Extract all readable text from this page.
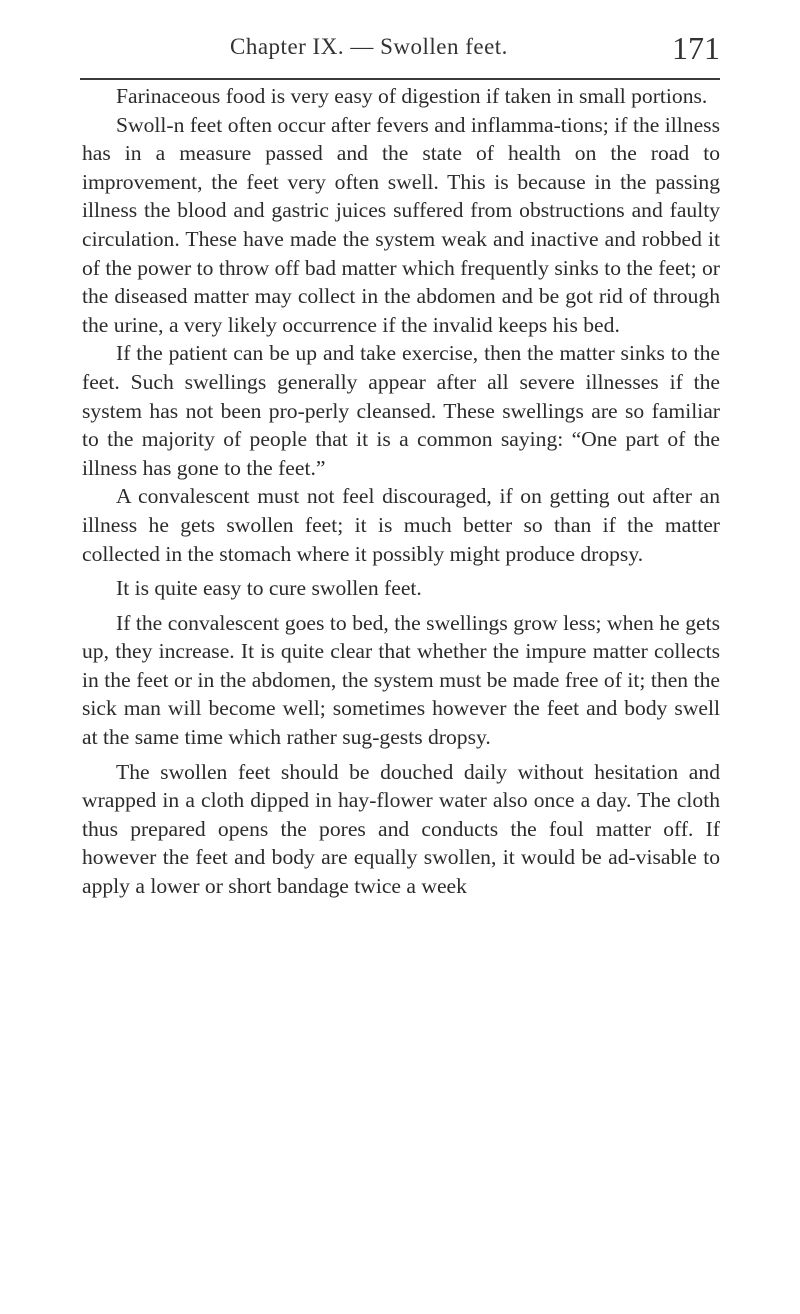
Chapter IX. — Swollen feet.	171

Farinaceous food is very easy of digestion if taken in small portions.

Swoll‑n feet often occur after fevers and inflamma-tions; if the illness has in a measure passed and the state of health on the road to improvement, the feet very often swell. This is because in the passing illness the blood and gastric juices suffered from obstructions and faulty circulation. These have made the system weak and inactive and robbed it of the power to throw off bad matter which frequently sinks to the feet; or the diseased matter may collect in the abdomen and be got rid of through the urine, a very likely occurrence if the invalid keeps his bed.

If the patient can be up and take exercise, then the matter sinks to the feet. Such swellings generally appear after all severe illnesses if the system has not been pro-perly cleansed. These swellings are so familiar to the majority of people that it is a common saying: “One part of the illness has gone to the feet.”

A convalescent must not feel discouraged, if on getting out after an illness he gets swollen feet; it is much better so than if the matter collected in the stomach where it possibly might produce dropsy.

It is quite easy to cure swollen feet.

If the convalescent goes to bed, the swellings grow less; when he gets up, they increase. It is quite clear that whether the impure matter collects in the feet or in the abdomen, the system must be made free of it; then the sick man will become well; sometimes however the feet and body swell at the same time which rather sug-gests dropsy.

The swollen feet should be douched daily without hesitation and wrapped in a cloth dipped in hay-flower water also once a day. The cloth thus prepared opens the pores and conducts the foul matter off. If however the feet and body are equally swollen, it would be ad-visable to apply a lower or short bandage twice a week
